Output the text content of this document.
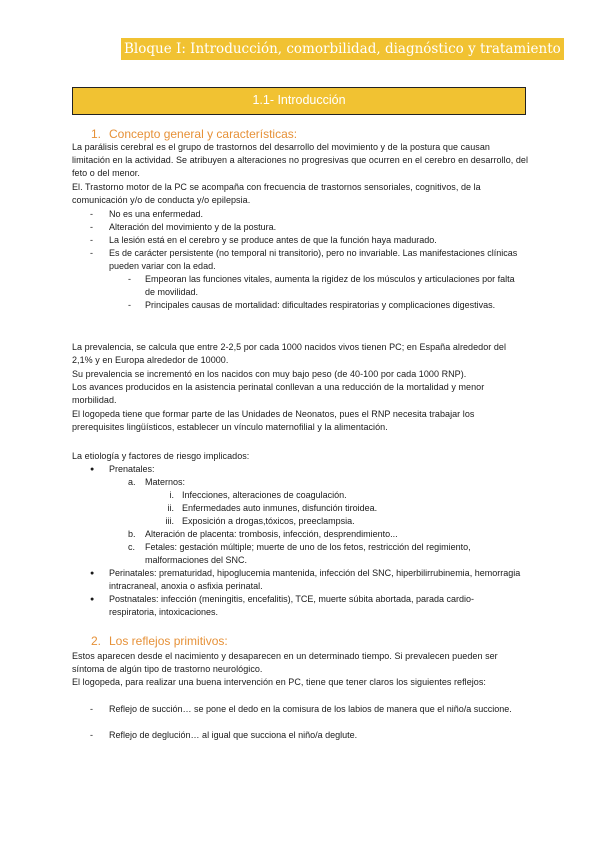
Bloque I: Introducción, comorbilidad, diagnóstico y tratamiento
1.1- Introducción
1. Concepto general y características:
La parálisis cerebral es el grupo de trastornos del desarrollo del movimiento y de la postura que causan limitación en la actividad. Se atribuyen a alteraciones no progresivas que ocurren en el cerebro en desarrollo, del feto o del menor.
El. Trastorno motor de la PC se acompaña con frecuencia de trastornos sensoriales, cognitivos, de la comunicación y/o de conducta y/o epilepsia.
- No es una enfermedad.
- Alteración del movimiento y de la postura.
- La lesión está en el cerebro y se produce antes de que la función haya madurado.
- Es de carácter persistente (no temporal ni transitorio), pero no invariable. Las manifestaciones clínicas pueden variar con la edad.
- Empeoran las funciones vitales, aumenta la rigidez de los músculos y articulaciones por falta de movilidad.
- Principales causas de mortalidad: dificultades respiratorias y complicaciones digestivas.
La prevalencia, se calcula que entre 2-2,5 por cada 1000 nacidos vivos tienen PC; en España alrededor del 2,1% y en Europa alrededor de 10000.
Su prevalencia se incrementó en los nacidos con muy bajo peso (de 40-100 por cada 1000 RNP).
Los avances producidos en la asistencia perinatal conllevan a una reducción de la mortalidad y menor morbilidad.
El logopeda tiene que formar parte de las Unidades de Neonatos, pues el RNP necesita trabajar los prerequisites lingüísticos, establecer un vínculo maternofilial y la alimentación.
La etiología y factores de riesgo implicados:
● Prenatales:
a. Maternos:
i. Infecciones, alteraciones de coagulación.
ii. Enfermedades auto inmunes, disfunción tiroidea.
iii. Exposición a drogas,tóxicos, preeclampsia.
b. Alteración de placenta: trombosis, infección, desprendimiento...
c. Fetales: gestación múltiple; muerte de uno de los fetos, restricción del regimiento, malformaciones del SNC.
● Perinatales: prematuridad, hipoglucemia mantenida, infección del SNC, hiperbilirrubinemia, hemorragia intracraneal, anoxia o asfixia perinatal.
● Postnatales: infección (meningitis, encefalitis), TCE, muerte súbita abortada, parada cardio-respiratoria, intoxicaciones.
2. Los reflejos primitivos:
Estos aparecen desde el nacimiento y desaparecen en un determinado tiempo. Si prevalecen pueden ser síntoma de algún tipo de trastorno neurológico.
El logopeda, para realizar una buena intervención en PC, tiene que tener claros los siguientes reflejos:
- Reflejo de succión… se pone el dedo en la comisura de los labios de manera que el niño/a succione.
- Reflejo de deglución… al igual que succiona el niño/a deglute.
